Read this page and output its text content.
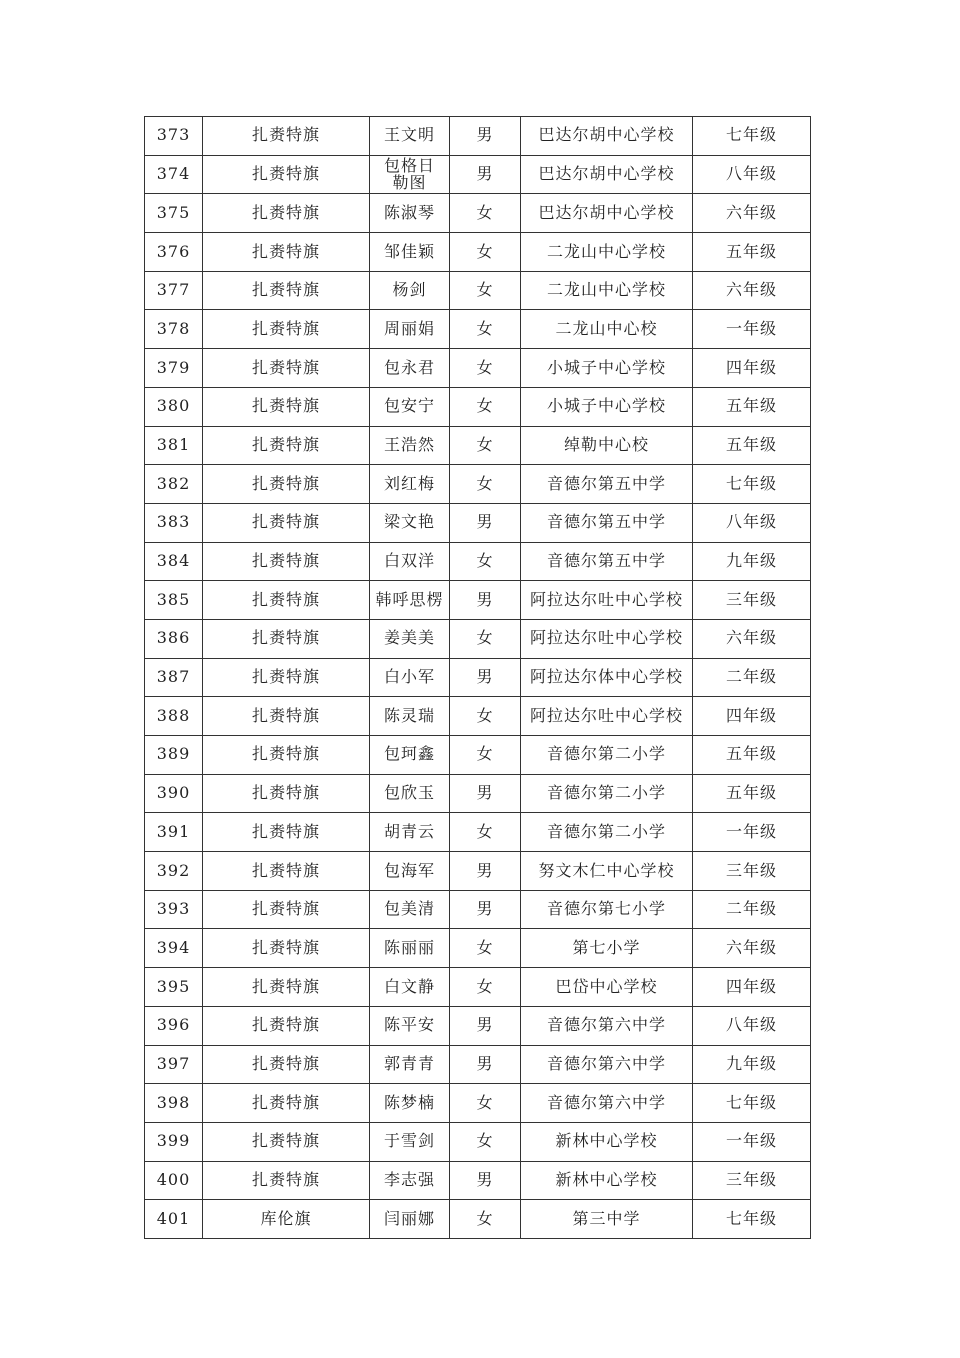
373	扎赉特旗	王文明	男	巴达尔胡中心学校	七年级
374	扎赉特旗	包格日勒图	男	巴达尔胡中心学校	八年级
375	扎赉特旗	陈淑琴	女	巴达尔胡中心学校	六年级
376	扎赉特旗	邹佳颖	女	二龙山中心学校	五年级
377	扎赉特旗	杨剑	女	二龙山中心学校	六年级
378	扎赉特旗	周丽娟	女	二龙山中心校	一年级
379	扎赉特旗	包永君	女	小城子中心学校	四年级
380	扎赉特旗	包安宁	女	小城子中心学校	五年级
381	扎赉特旗	王浩然	女	绰勒中心校	五年级
382	扎赉特旗	刘红梅	女	音德尔第五中学	七年级
383	扎赉特旗	梁文艳	男	音德尔第五中学	八年级
384	扎赉特旗	白双洋	女	音德尔第五中学	九年级
385	扎赉特旗	韩呼思楞	男	阿拉达尔吐中心学校	三年级
386	扎赉特旗	姜美美	女	阿拉达尔吐中心学校	六年级
387	扎赉特旗	白小军	男	阿拉达尔体中心学校	二年级
388	扎赉特旗	陈灵瑞	女	阿拉达尔吐中心学校	四年级
389	扎赉特旗	包珂鑫	女	音德尔第二小学	五年级
390	扎赉特旗	包欣玉	男	音德尔第二小学	五年级
391	扎赉特旗	胡青云	女	音德尔第二小学	一年级
392	扎赉特旗	包海军	男	努文木仁中心学校	三年级
393	扎赉特旗	包美清	男	音德尔第七小学	二年级
394	扎赉特旗	陈丽丽	女	第七小学	六年级
395	扎赉特旗	白文静	女	巴岱中心学校	四年级
396	扎赉特旗	陈平安	男	音德尔第六中学	八年级
397	扎赉特旗	郭青青	男	音德尔第六中学	九年级
398	扎赉特旗	陈梦楠	女	音德尔第六中学	七年级
399	扎赉特旗	于雪剑	女	新林中心学校	一年级
400	扎赉特旗	李志强	男	新林中心学校	三年级
401	库伦旗	闫丽娜	女	第三中学	七年级
